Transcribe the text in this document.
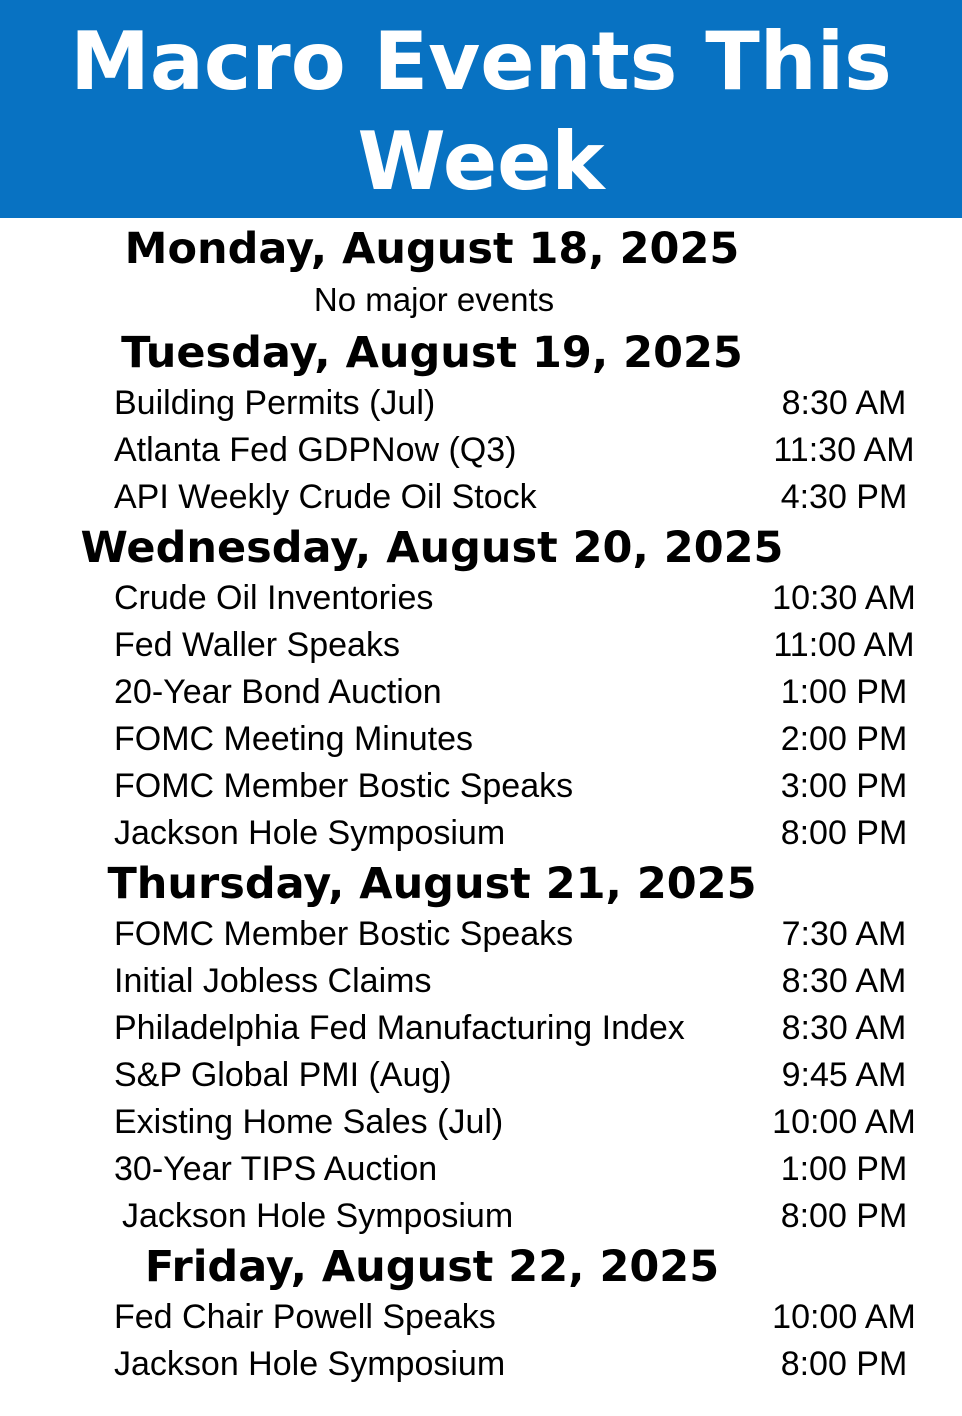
Macro Events This
Week
Monday, August 18, 2025
No major events
Tuesday, August 19, 2025
Building Permits (Jul)	8:30 AM
Atlanta Fed GDPNow (Q3)	11:30 AM
API Weekly Crude Oil Stock	4:30 PM
Wednesday, August 20, 2025
Crude Oil Inventories	10:30 AM
Fed Waller Speaks	11:00 AM
20-Year Bond Auction	1:00 PM
FOMC Meeting Minutes	2:00 PM
FOMC Member Bostic Speaks	3:00 PM
Jackson Hole Symposium	8:00 PM
Thursday, August 21, 2025
FOMC Member Bostic Speaks	7:30 AM
Initial Jobless Claims	8:30 AM
Philadelphia Fed Manufacturing Index	8:30 AM
S&P Global PMI (Aug)	9:45 AM
Existing Home Sales (Jul)	10:00 AM
30-Year TIPS Auction	1:00 PM
Jackson Hole Symposium	8:00 PM
Friday, August 22, 2025
Fed Chair Powell Speaks	10:00 AM
Jackson Hole Symposium	8:00 PM
